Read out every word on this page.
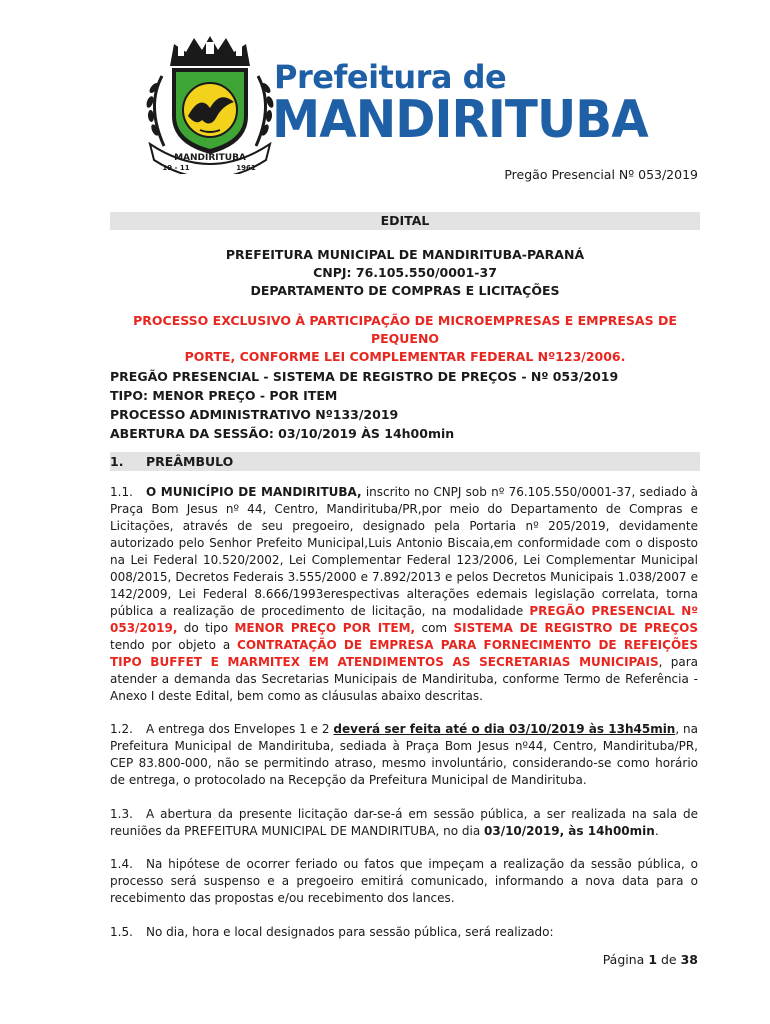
MANDIRITUBA
19 - 11	1961
Prefeitura de
MANDIRITUBA
Pregão Presencial Nº 053/2019
EDITAL
PREFEITURA MUNICIPAL DE MANDIRITUBA-PARANÁ
CNPJ: 76.105.550/0001-37
DEPARTAMENTO DE COMPRAS E LICITAÇÕES
PROCESSO EXCLUSIVO À PARTICIPAÇÃO DE MICROEMPRESAS E EMPRESAS DE PEQUENO
PORTE, CONFORME LEI COMPLEMENTAR FEDERAL Nº123/2006.
PREGÃO PRESENCIAL - SISTEMA DE REGISTRO DE PREÇOS - Nº 053/2019
TIPO: MENOR PREÇO - POR ITEM
PROCESSO ADMINISTRATIVO Nº133/2019
ABERTURA DA SESSÃO: 03/10/2019 ÀS 14h00min
1. PREÂMBULO
1.1. O MUNICÍPIO DE MANDIRITUBA, inscrito no CNPJ sob nº 76.105.550/0001-37, sediado à Praça Bom Jesus nº 44, Centro, Mandirituba/PR,por meio do Departamento de Compras e Licitações, através de seu pregoeiro, designado pela Portaria nº 205/2019, devidamente autorizado pelo Senhor Prefeito Municipal,Luis Antonio Biscaia,em conformidade com o disposto na Lei Federal 10.520/2002, Lei Complementar Federal 123/2006, Lei Complementar Municipal 008/2015, Decretos Federais 3.555/2000 e 7.892/2013 e pelos Decretos Municipais 1.038/2007 e 142/2009, Lei Federal 8.666/1993erespectivas alterações edemais legislação correlata, torna pública a realização de procedimento de licitação, na modalidade PREGÃO PRESENCIAL Nº 053/2019, do tipo MENOR PREÇO POR ITEM, com SISTEMA DE REGISTRO DE PREÇOS tendo por objeto a CONTRATAÇÃO DE EMPRESA PARA FORNECIMENTO DE REFEIÇÕES TIPO BUFFET E MARMITEX EM ATENDIMENTOS AS SECRETARIAS MUNICIPAIS, para atender a demanda das Secretarias Municipais de Mandirituba, conforme Termo de Referência - Anexo I deste Edital, bem como as cláusulas abaixo descritas.
1.2. A entrega dos Envelopes 1 e 2 deverá ser feita até o dia 03/10/2019 às 13h45min, na Prefeitura Municipal de Mandirituba, sediada à Praça Bom Jesus nº44, Centro, Mandirituba/PR, CEP 83.800-000, não se permitindo atraso, mesmo involuntário, considerando-se como horário de entrega, o protocolado na Recepção da Prefeitura Municipal de Mandirituba.
1.3. A abertura da presente licitação dar-se-á em sessão pública, a ser realizada na sala de reuniões da PREFEITURA MUNICIPAL DE MANDIRITUBA, no dia 03/10/2019, às 14h00min.
1.4. Na hipótese de ocorrer feriado ou fatos que impeçam a realização da sessão pública, o processo será suspenso e a pregoeiro emitirá comunicado, informando a nova data para o recebimento das propostas e/ou recebimento dos lances.
1.5. No dia, hora e local designados para sessão pública, será realizado:
Página 1 de 38
